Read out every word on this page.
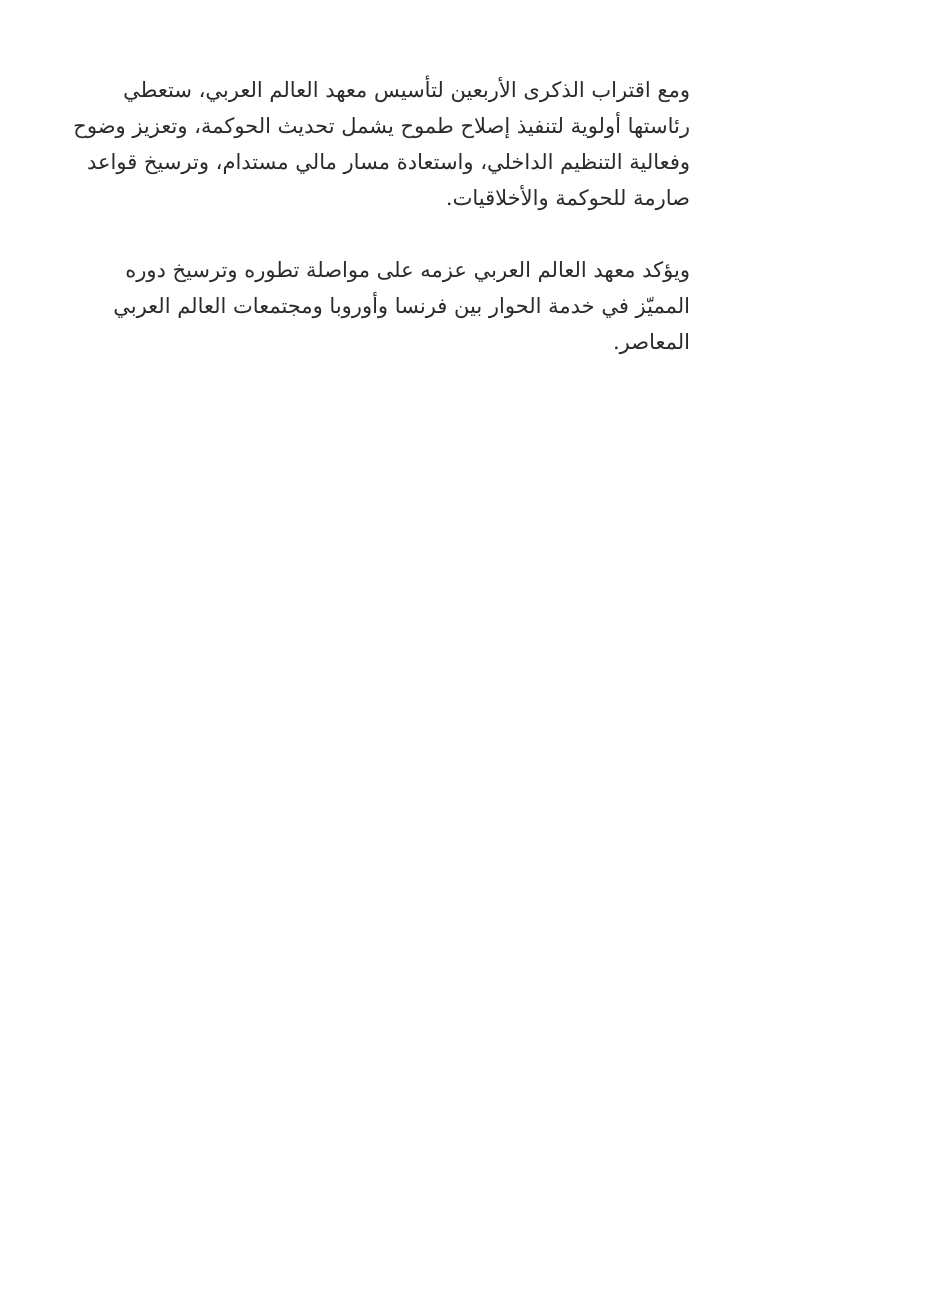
ومع اقتراب الذكرى الأربعين لتأسيس معهد العالم العربي، ستعطي رئاستها أولوية لتنفيذ إصلاح طموح يشمل تحديث الحوكمة، وتعزيز وضوح وفعالية التنظيم الداخلي، واستعادة مسار مالي مستدام، وترسيخ قواعد صارمة للحوكمة والأخلاقيات.

ويؤكد معهد العالم العربي عزمه على مواصلة تطوره وترسيخ دوره المميّز في خدمة الحوار بين فرنسا وأوروبا ومجتمعات العالم العربي المعاصر.
